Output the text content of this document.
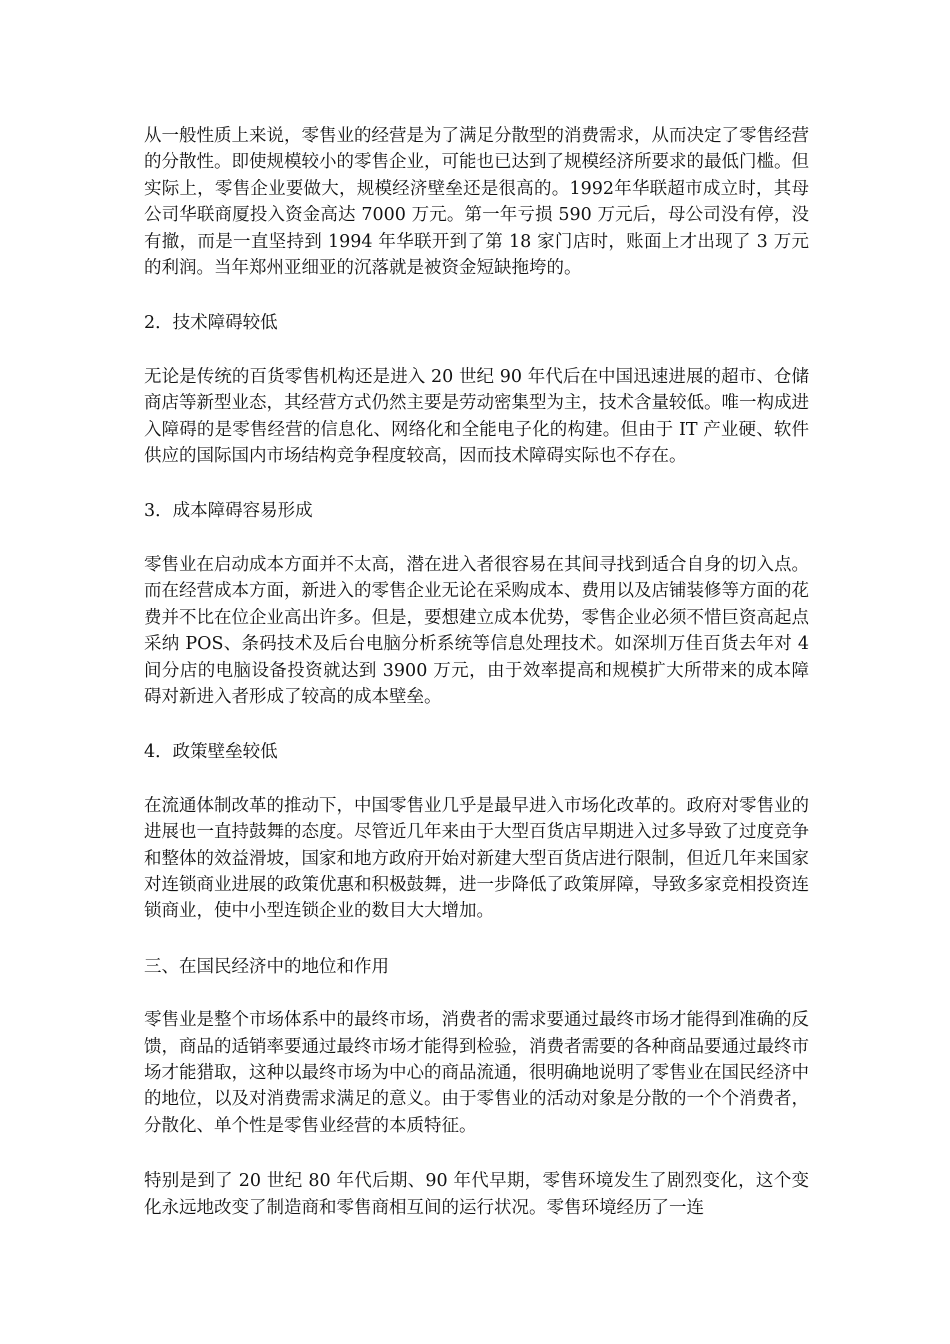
从一般性质上来说，零售业的经营是为了满足分散型的消费需求，从而决定了零售经营的分散性。即使规模较小的零售企业，可能也已达到了规模经济所要求的最低门槛。但实际上，零售企业要做大，规模经济壁垒还是很高的。1992年华联超市成立时，其母公司华联商厦投入资金高达 7000 万元。第一年亏损 590 万元后，母公司没有停，没有撤，而是一直坚持到 1994 年华联开到了第 18 家门店时，账面上才出现了 3 万元的利润。当年郑州亚细亚的沉落就是被资金短缺拖垮的。

2．技术障碍较低

无论是传统的百货零售机构还是进入 20 世纪 90 年代后在中国迅速进展的超市、仓储商店等新型业态，其经营方式仍然主要是劳动密集型为主，技术含量较低。唯一构成进入障碍的是零售经营的信息化、网络化和全能电子化的构建。但由于 IT 产业硬、软件供应的国际国内市场结构竞争程度较高，因而技术障碍实际也不存在。

3．成本障碍容易形成

零售业在启动成本方面并不太高，潜在进入者很容易在其间寻找到适合自身的切入点。而在经营成本方面，新进入的零售企业无论在采购成本、费用以及店铺装修等方面的花费并不比在位企业高出许多。但是，要想建立成本优势，零售企业必须不惜巨资高起点采纳 POS、条码技术及后台电脑分析系统等信息处理技术。如深圳万佳百货去年对 4 间分店的电脑设备投资就达到 3900 万元，由于效率提高和规模扩大所带来的成本障碍对新进入者形成了较高的成本壁垒。

4．政策壁垒较低

在流通体制改革的推动下，中国零售业几乎是最早进入市场化改革的。政府对零售业的进展也一直持鼓舞的态度。尽管近几年来由于大型百货店早期进入过多导致了过度竞争和整体的效益滑坡，国家和地方政府开始对新建大型百货店进行限制，但近几年来国家对连锁商业进展的政策优惠和积极鼓舞，进一步降低了政策屏障，导致多家竞相投资连锁商业，使中小型连锁企业的数目大大增加。

三、在国民经济中的地位和作用

零售业是整个市场体系中的最终市场，消费者的需求要通过最终市场才能得到准确的反馈，商品的适销率要通过最终市场才能得到检验，消费者需要的各种商品要通过最终市场才能猎取，这种以最终市场为中心的商品流通，很明确地说明了零售业在国民经济中的地位，以及对消费需求满足的意义。由于零售业的活动对象是分散的一个个消费者，分散化、单个性是零售业经营的本质特征。

特别是到了 20 世纪 80 年代后期、90 年代早期，零售环境发生了剧烈变化，这个变化永远地改变了制造商和零售商相互间的运行状况。零售环境经历了一连
